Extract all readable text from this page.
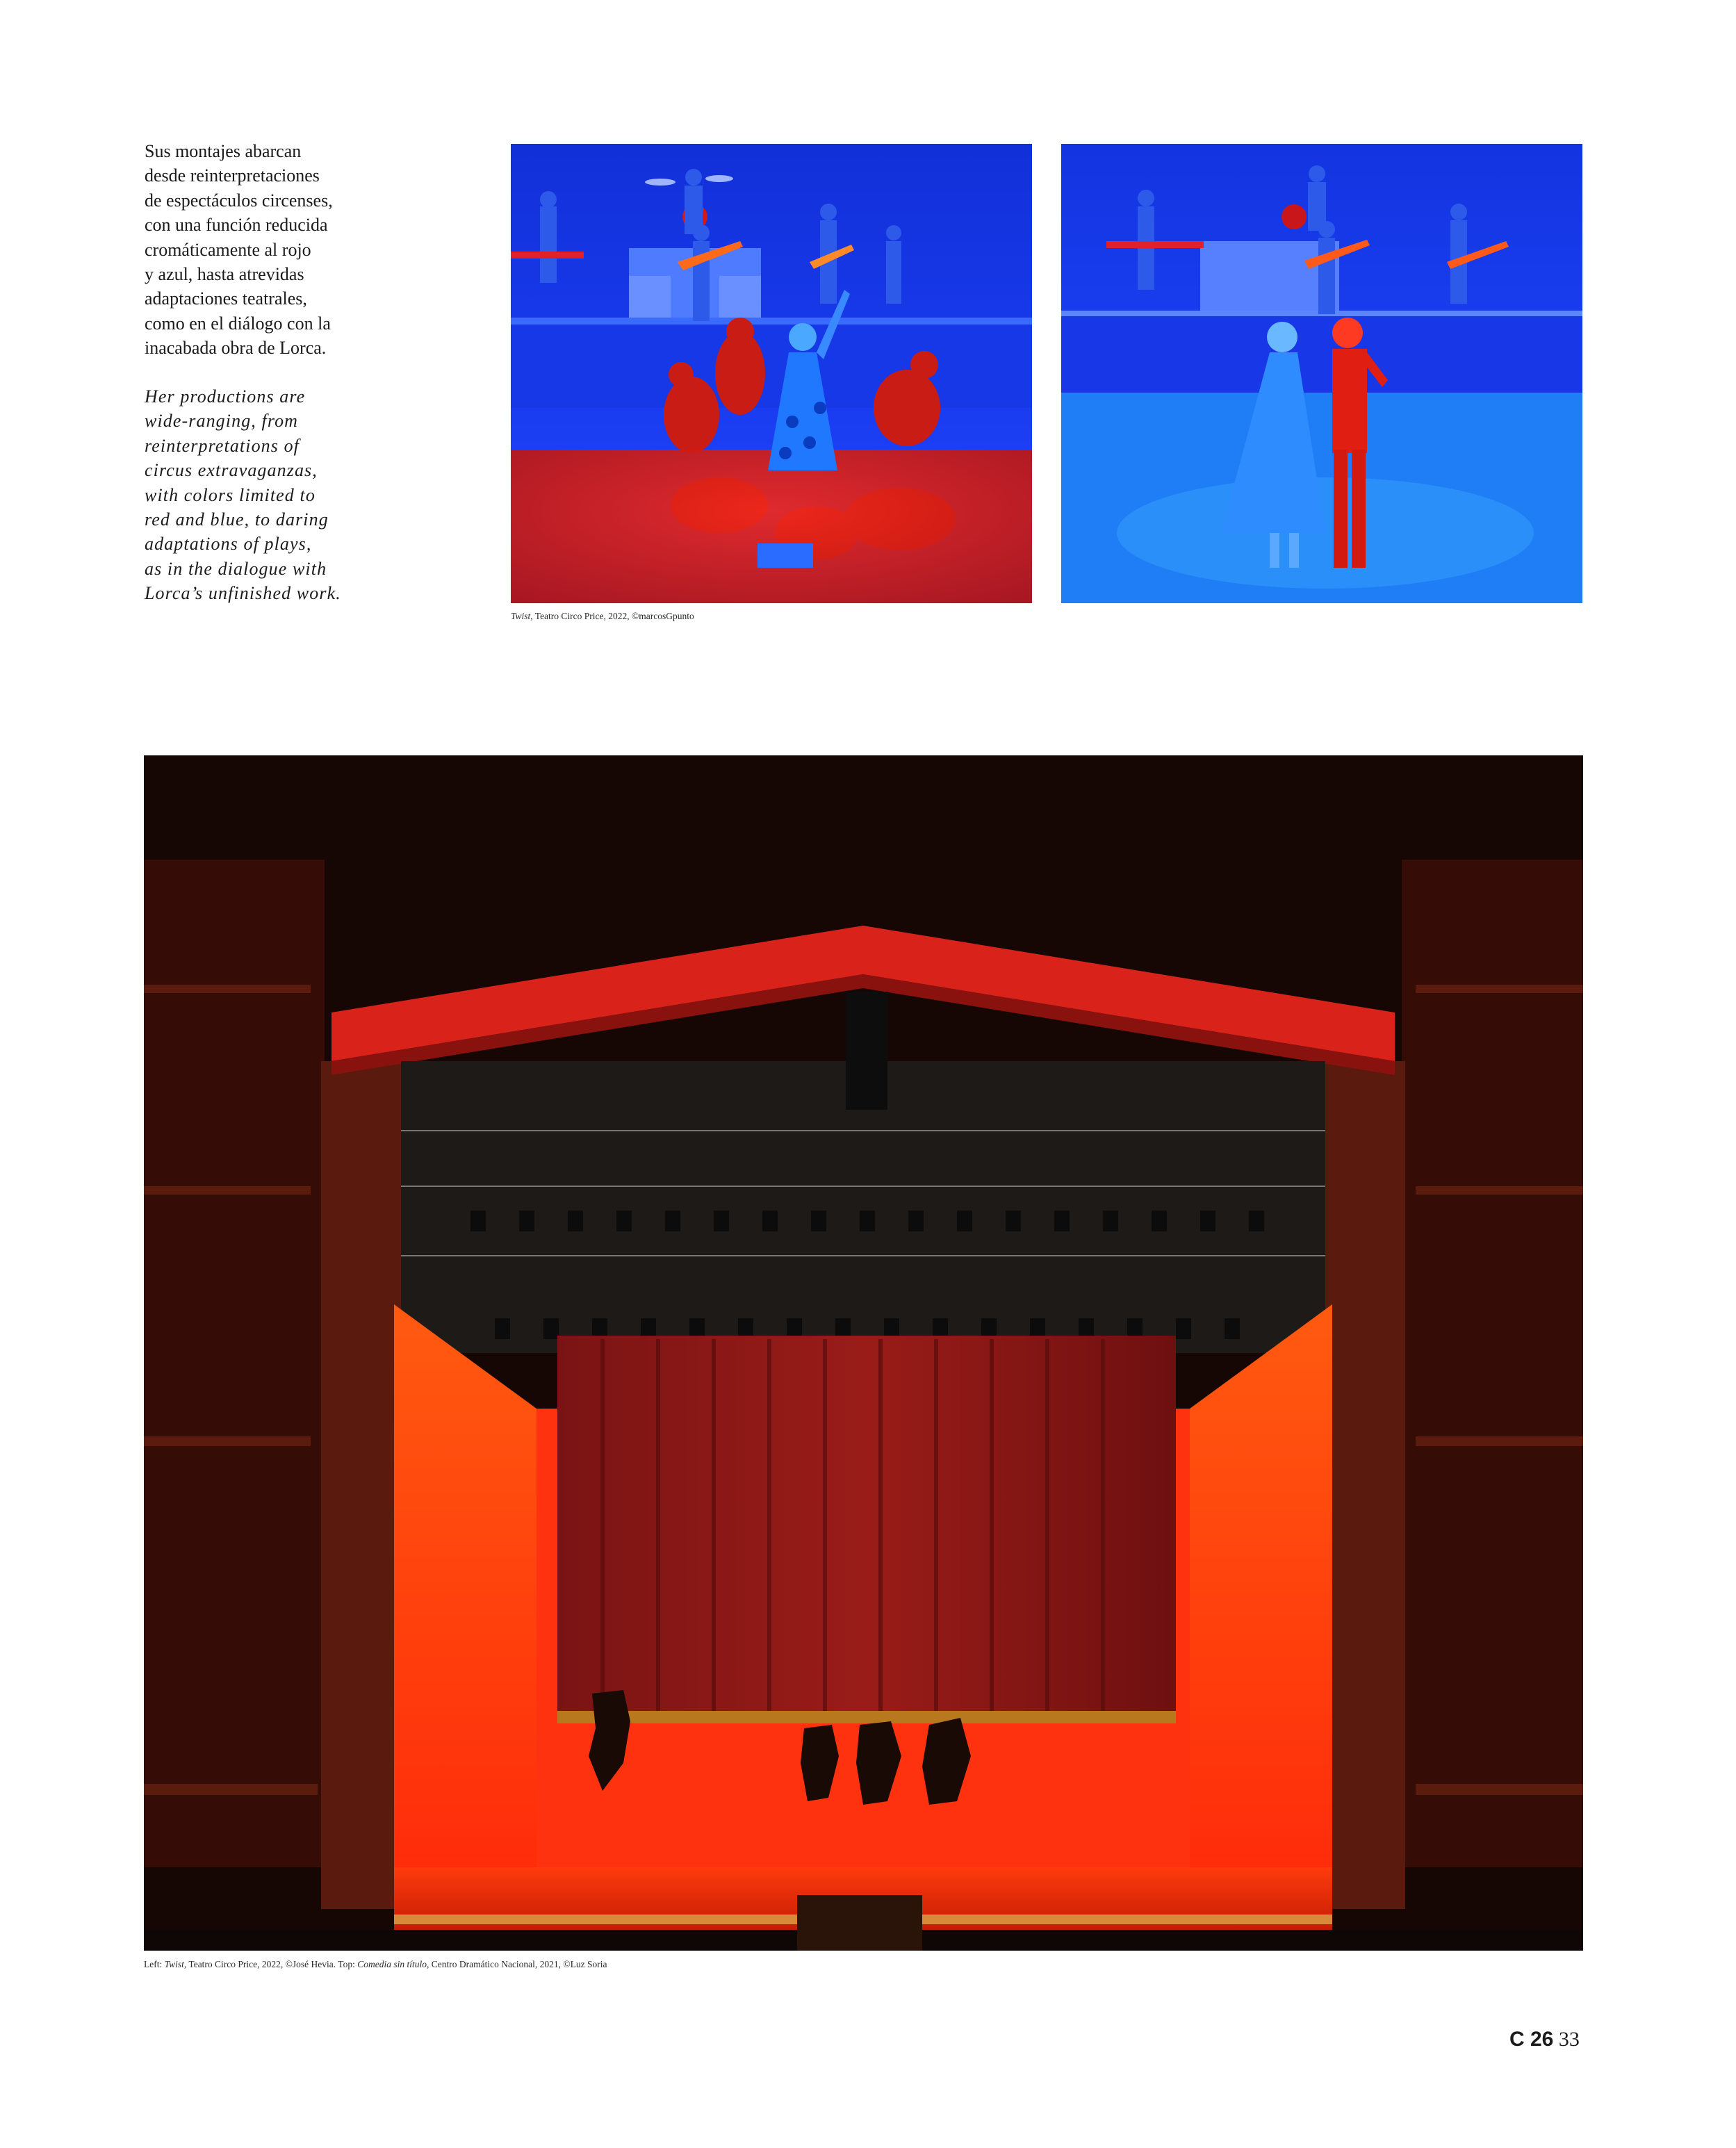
Sus montajes abarcan
desde reinterpretaciones
de espectáculos circenses,
con una función reducida
cromáticamente al rojo
y azul, hasta atrevidas
adaptaciones teatrales,
como en el diálogo con la
inacabada obra de Lorca.
Her productions are
wide-ranging, from
reinterpretations of
circus extravaganzas,
with colors limited to
red and blue, to daring
adaptations of plays,
as in the dialogue with
Lorca’s unfinished work.
Twist, Teatro Circo Price, 2022, ©marcosGpunto
Left: Twist, Teatro Circo Price, 2022, ©José Hevia. Top: Comedia sin título, Centro Dramático Nacional, 2021, ©Luz Soria
C 26 33
